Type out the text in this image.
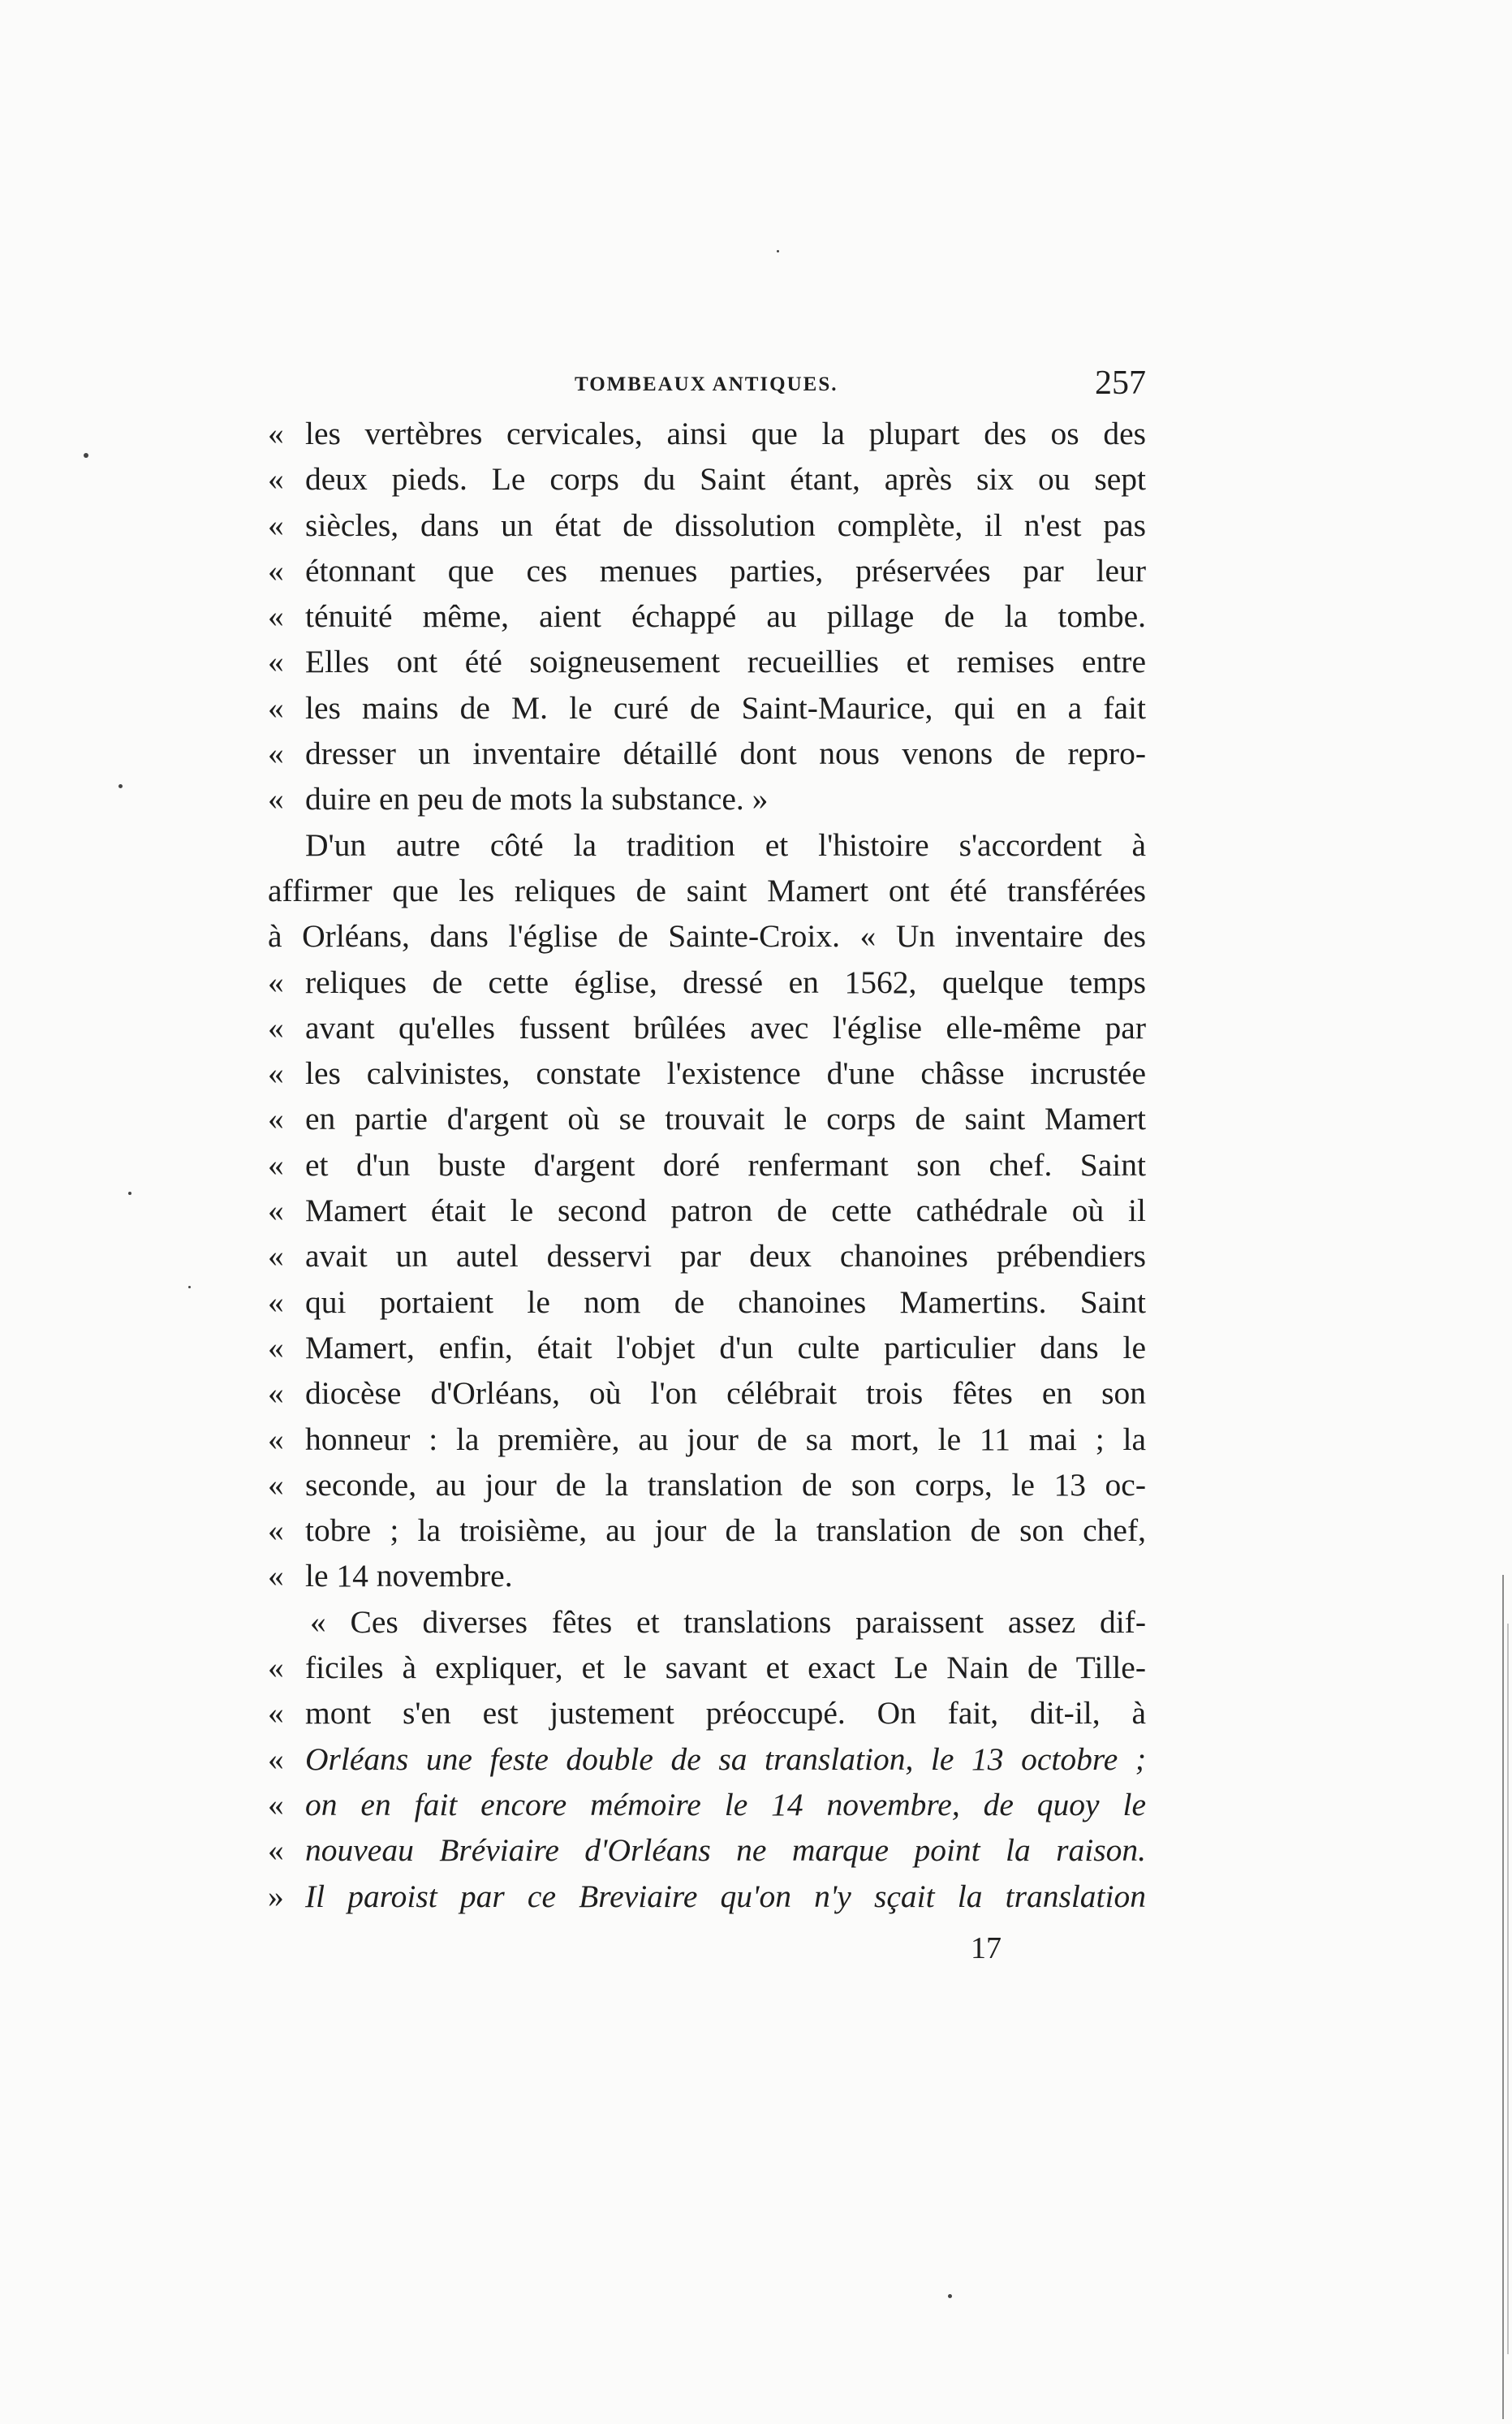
TOMBEAUX ANTIQUES.	257
« les vertèbres cervicales, ainsi que la plupart des os des
« deux pieds. Le corps du Saint étant, après six ou sept
« siècles, dans un état de dissolution complète, il n'est pas
« étonnant que ces menues parties, préservées par leur
« ténuité même, aient échappé au pillage de la tombe.
« Elles ont été soigneusement recueillies et remises entre
« les mains de M. le curé de Saint-Maurice, qui en a fait
« dresser un inventaire détaillé dont nous venons de repro-
« duire en peu de mots la substance. »
D'un autre côté la tradition et l'histoire s'accordent à
affirmer que les reliques de saint Mamert ont été transférées
à Orléans, dans l'église de Sainte-Croix. « Un inventaire des
« reliques de cette église, dressé en 1562, quelque temps
« avant qu'elles fussent brûlées avec l'église elle-même par
« les calvinistes, constate l'existence d'une châsse incrustée
« en partie d'argent où se trouvait le corps de saint Mamert
« et d'un buste d'argent doré renfermant son chef. Saint
« Mamert était le second patron de cette cathédrale où il
« avait un autel desservi par deux chanoines prébendiers
« qui portaient le nom de chanoines Mamertins. Saint
« Mamert, enfin, était l'objet d'un culte particulier dans le
« diocèse d'Orléans, où l'on célébrait trois fêtes en son
« honneur : la première, au jour de sa mort, le 11 mai ; la
« seconde, au jour de la translation de son corps, le 13 oc-
« tobre ; la troisième, au jour de la translation de son chef,
« le 14 novembre.
« Ces diverses fêtes et translations paraissent assez dif-
« ficiles à expliquer, et le savant et exact Le Nain de Tille-
« mont s'en est justement préoccupé. On fait, dit-il, à
« Orléans une feste double de sa translation, le 13 octobre ;
« on en fait encore mémoire le 14 novembre, de quoy le
« nouveau Bréviaire d'Orléans ne marque point la raison.
» Il paroist par ce Breviaire qu'on n'y sçait la translation
17
